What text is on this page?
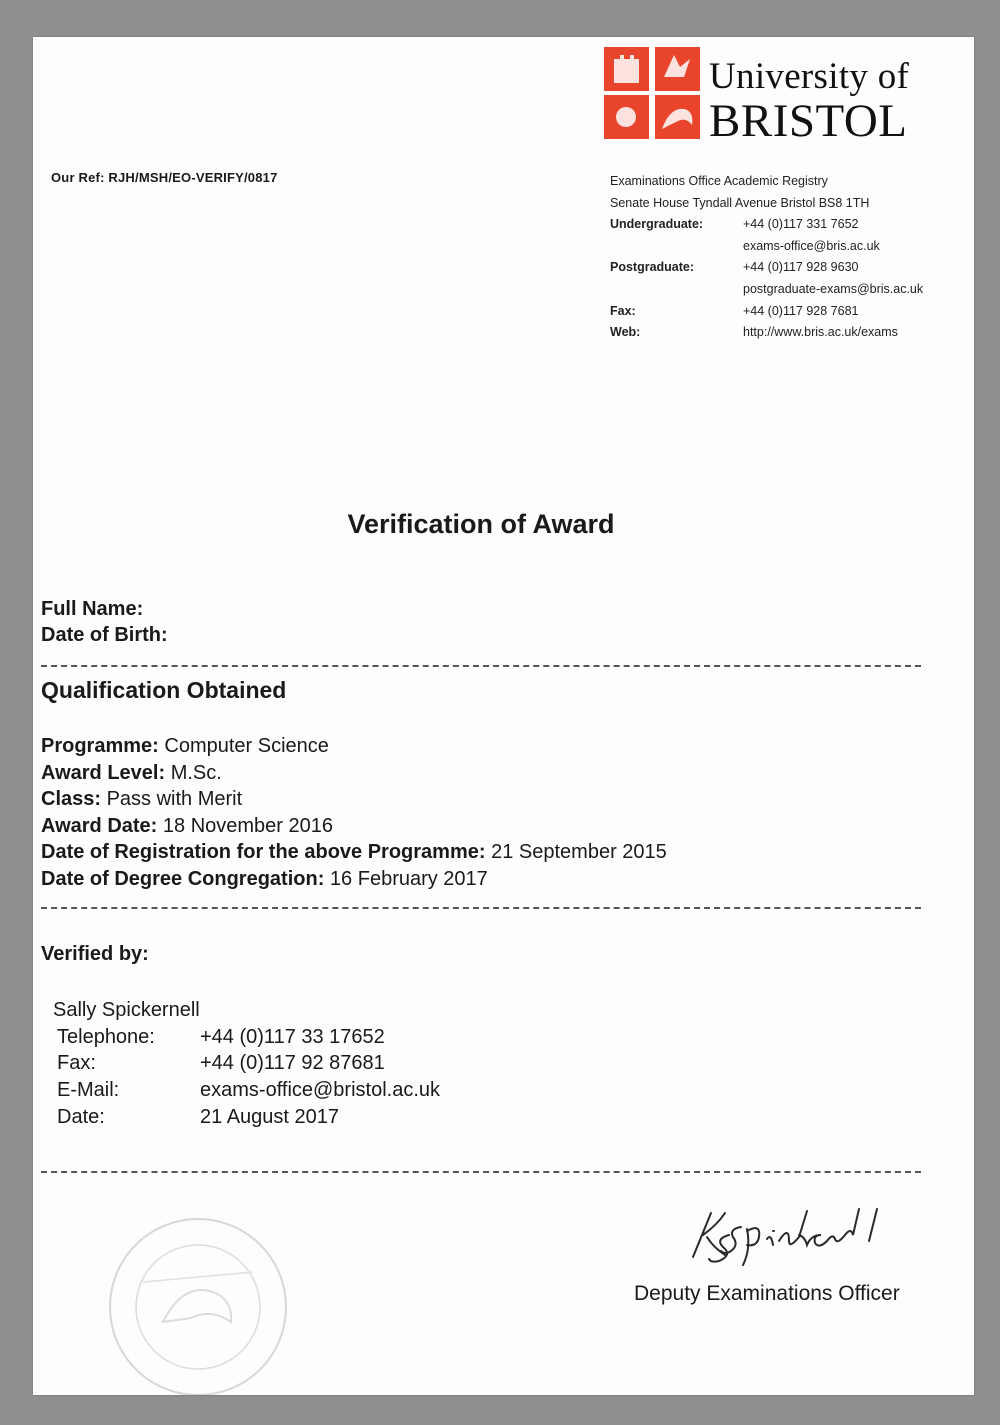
University of
BRISTOL
Our Ref: RJH/MSH/EO-VERIFY/0817	Examinations Office Academic Registry
Senate House Tyndall Avenue Bristol BS8 1TH
Undergraduate:	+44 (0)117 331 7652
exams-office@bris.ac.uk
Postgraduate:	+44 (0)117 928 9630
postgraduate-exams@bris.ac.uk
Fax:	+44 (0)117 928 7681
Web:	http://www.bris.ac.uk/exams
Verification of Award
Full Name:
Date of Birth:
Qualification Obtained
Programme: Computer Science
Award Level: M.Sc.
Class: Pass with Merit
Award Date: 18 November 2016
Date of Registration for the above Programme: 21 September 2015
Date of Degree Congregation: 16 February 2017
Verified by:
Sally Spickernell
Telephone:	+44 (0)117 33 17652
Fax:	+44 (0)117 92 87681
E-Mail:	exams-office@bristol.ac.uk
Date:	21 August 2017
Deputy Examinations Officer
